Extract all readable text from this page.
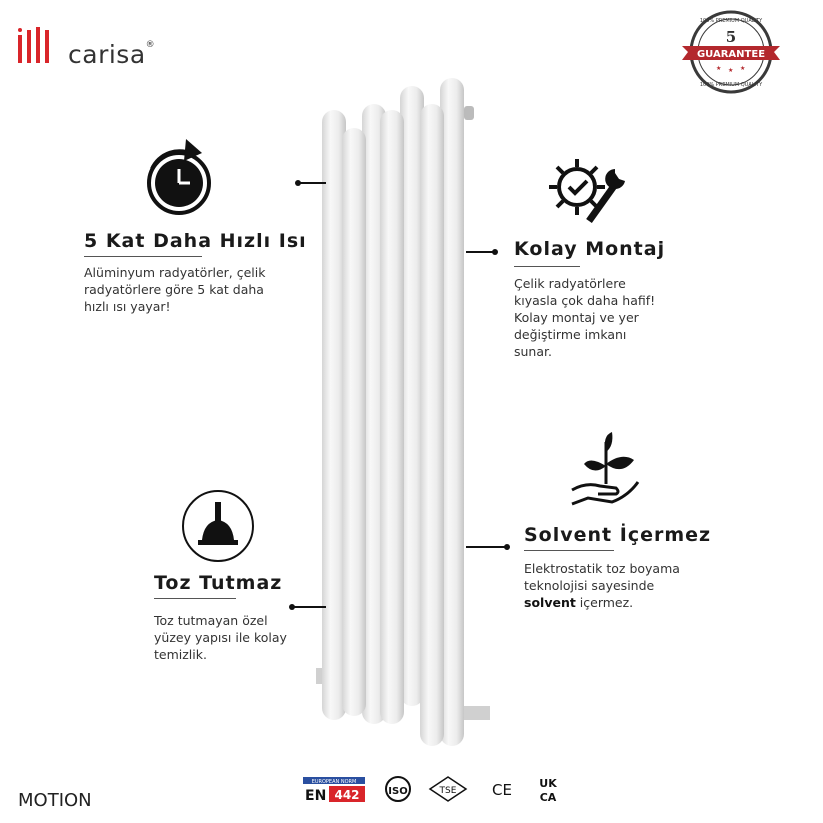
carisa®
100% PREMIUM QUALITY
5
GUARANTEE
★ ★ ★
100% PREMIUM QUALITY
5 Kat Daha Hızlı Isı
Alüminyum radyatörler, çelik
radyatörlere göre 5 kat daha
hızlı ısı yayar!
Kolay Montaj
Çelik radyatörlere
kıyasla çok daha hafif!
Kolay montaj ve yer
değiştirme imkanı
sunar.
Toz Tutmaz
Toz tutmayan özel
yüzey yapısı ile kolay
temizlik.
Solvent İçermez
Elektrostatik toz boyama
teknolojisi sayesinde
solvent içermez.
MOTION
EUROPEAN NORM
EN 442	ISO	TSE CE UK
CA
